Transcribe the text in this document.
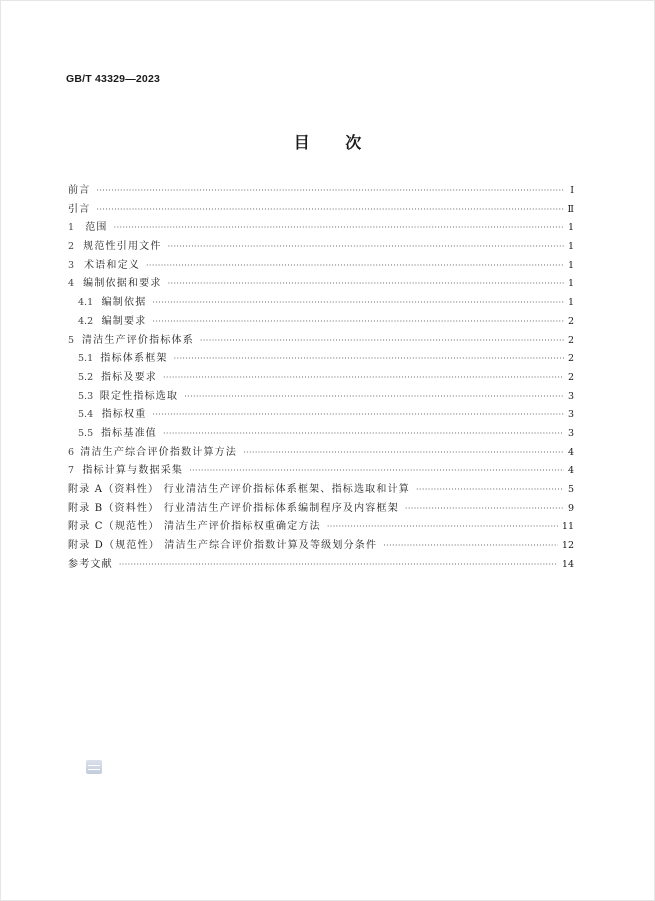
GB/T 43329—2023
目 次
前言 ·····	Ⅰ
引言 ·····	Ⅱ
1	范围 ·····	1
2 规范性引用文件 ·····	1
3 术语和定义 ·····	1
4 编制依据和要求 ·····	1
4.1 编制依据 ·····	1
4.2 编制要求 ·····	2
5 清洁生产评价指标体系 ·····	2
5.1 指标体系框架 ·····	2
5.2 指标及要求 ·····	2
5.3 限定性指标选取 ·····	3
5.4 指标权重 ·····	3
5.5 指标基准值 ·····	3
6 清洁生产综合评价指数计算方法 ·····	4
7 指标计算与数据采集 ·····	4
附录 A（资料性） 行业清洁生产评价指标体系框架、指标选取和计算 ·····	5
附录 B（资料性） 行业清洁生产评价指标体系编制程序及内容框架 ·····	9
附录 C（规范性） 清洁生产评价指标权重确定方法 ·····	11
附录 D（规范性） 清洁生产综合评价指数计算及等级划分条件 ·····	12
参考文献 ·····	14
